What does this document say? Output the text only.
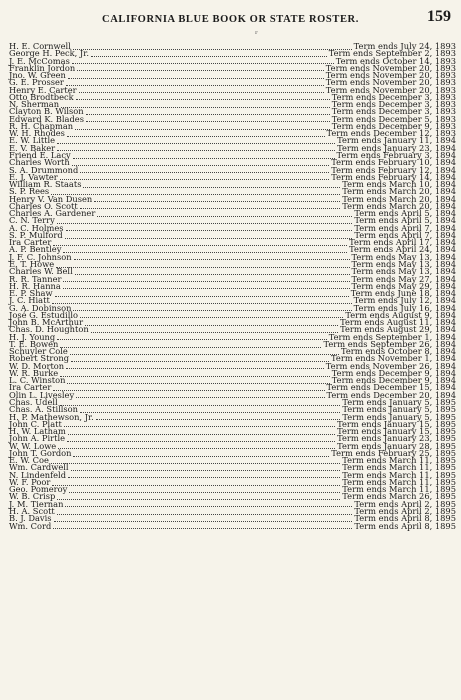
CALIFORNIA BLUE BOOK OR STATE ROSTER.	159
ʳ
H. E. Cornwell	Term ends July 24, 1893
George H. Peck, Jr.	Term ends September 2, 1893
J. E. McComas	Term ends October 14, 1893
Franklin Jordon	Term ends November 20, 1893
Jno. W. Green	Term ends November 20, 1893
G. E. Prosser	Term ends November 20, 1893
Henry E. Carter	Term ends November 20, 1893
Otto Brodtbeck	Term ends December 3, 1893
N. Sherman	Term ends December 3, 1893
Clayton B. Wilson	Term ends December 3, 1893
Edward K. Blades	Term ends December 5, 1893
R. H. Chapman	Term ends December 9, 1893
W. H. Rhodes	Term ends December 12, 1893
E. W. Little	Term ends January 11, 1894
E. V. Baker	Term ends January 23, 1894
Friend E. Lacy	Term ends February 3, 1894
Charles Worth	Term ends February 10, 1894
S. A. Drummond	Term ends February 12, 1894
E. J. Vawter	Term ends February 14, 1894
William R. Staats	Term ends March 10, 1894
S. P. Rees	Term ends March 20, 1894
Henry V. Van Dusen	Term ends March 20, 1894
Charles O. Scott	Term ends March 20, 1894
Charles A. Gardener	Term ends April 5, 1894
C. N. Terry	Term ends April 5, 1894
A. C. Holmes	Term ends April 7, 1894
S. P. Mulford	Term ends April 7, 1894
Ira Carter	Term ends April 17, 1894
A. P. Bentley	Term ends April 24, 1894
J. F. C. Johnson	Term ends May 13, 1894
E. T. Howe	Term ends May 13, 1894
Charles W. Bell	Term ends May 13, 1894
R. R. Tanner	Term ends May 27, 1894
H. R. Hanna	Term ends May 29, 1894
E. P. Shaw	Term ends June 18, 1894
J. C. Hiatt	Term ends July 12, 1894
G. A. Dobinson	Term ends July 16, 1894
José G. Estudillo	Term ends August 9, 1894
John B. McArthur	Term ends August 11, 1894
Chas. D. Houghton	Term ends August 29, 1894
H. J. Young	Term ends September 1, 1894
T. E. Bowen	Term ends September 26, 1894
Schuyler Cole	Term ends October 8, 1894
Robert Strong	Term ends November 1, 1894
W. D. Morton	Term ends November 26, 1894
W. R. Burke	Term ends December 9, 1894
L. C. Winston	Term ends December 9, 1894
Ira Carter	Term ends December 15, 1894
Olin L. Livesley	Term ends December 20, 1894
Chas. Udell	Term ends January 5, 1895
Chas. A. Stillson	Term ends January 5, 1895
H. P. Mathewson, Jr.	Term ends January 5, 1895
John C. Platt	Term ends January 15, 1895
H. W. Latham	Term ends January 15, 1895
John A. Pirtle	Term ends January 23, 1895
W. W. Lowe	Term ends January 28, 1895
John T. Gordon	Term ends February 25, 1895
E. W. Coe	Term ends March 11, 1895
Wm. Cardwell	Term ends March 11, 1895
N. Lindenfeld	Term ends March 11, 1895
W. F. Poor	Term ends March 11, 1895
Geo. Pomeroy	Term ends March 11, 1895
W. B. Crisp	Term ends March 26, 1895
J. M. Tiernan	Term ends April 2, 1895
H. A. Scott	Term ends April 2, 1895
B. J. Davis	Term ends April 8, 1895
Wm. Cord	Term ends April 8, 1895
